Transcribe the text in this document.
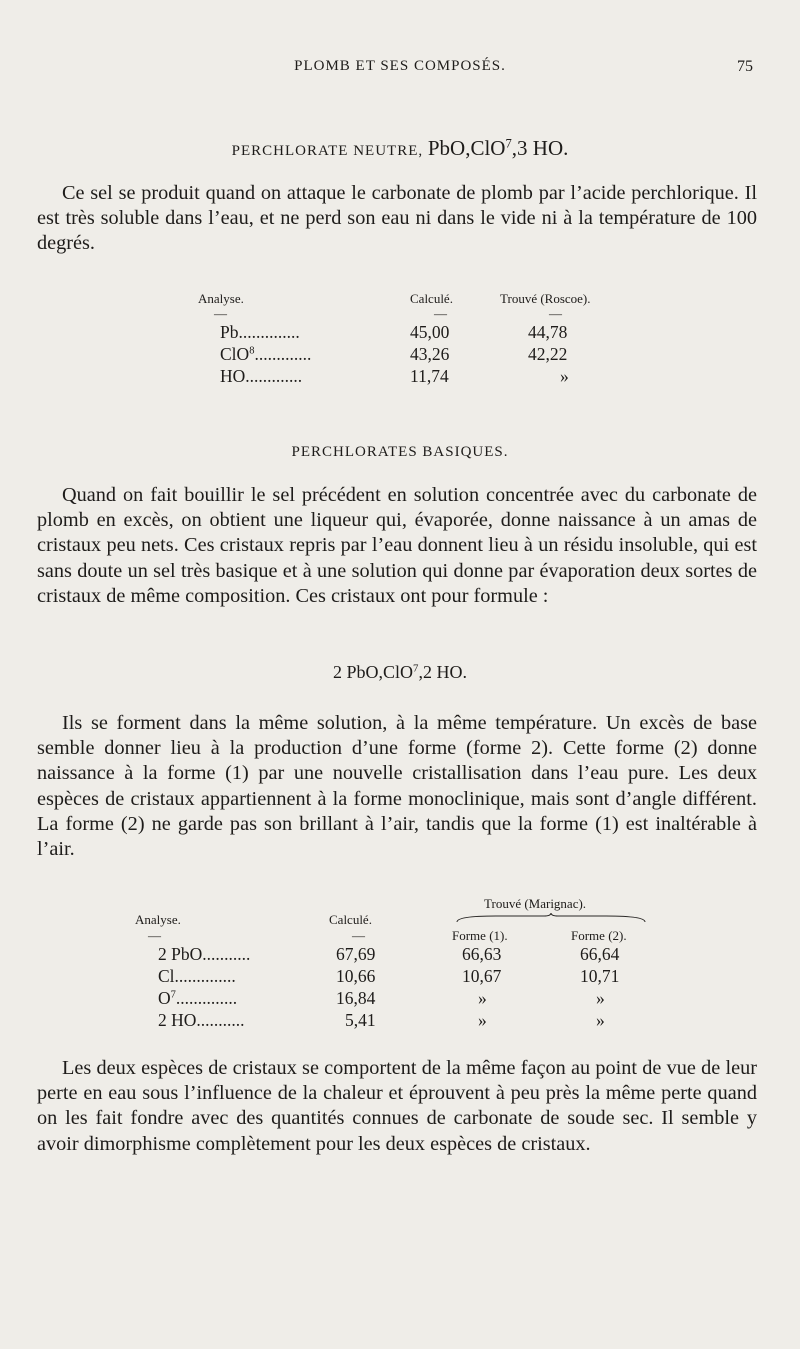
PLOMB ET SES COMPOSÉS.	75
PERCHLORATE NEUTRE, PbO,ClO$^7$,3 HO.

Ce sel se produit quand on attaque le carbonate de plomb par l’acide perchlorique. Il est très soluble dans l’eau, et ne perd son eau ni dans le vide ni à la température de 100 degrés.

Analyse.	Calculé.	Trouvé (Roscoe).
—	—	—
Pb..............	45,00	44,78
ClO$^8$.............	43,26	42,22
HO.............	11,74	»
PERCHLORATES BASIQUES.

Quand on fait bouillir le sel précédent en solution concentrée avec du carbonate de plomb en excès, on obtient une liqueur qui, évaporée, donne naissance à un amas de cristaux peu nets. Ces cristaux repris par l’eau donnent lieu à un résidu insoluble, qui est sans doute un sel très basique et à une solution qui donne par évaporation deux sortes de cristaux de même composition. Ces cristaux ont pour formule :

2 PbO,ClO$^7$,2 HO.

Ils se forment dans la même solution, à la même température. Un excès de base semble donner lieu à la production d’une forme (forme 2). Cette forme (2) donne naissance à la forme (1) par une nouvelle cristallisation dans l’eau pure. Les deux espèces de cristaux appartiennent à la forme monoclinique, mais sont d’angle différent. La forme (2) ne garde pas son brillant à l’air, tandis que la forme (1) est inaltérable à l’air.

Trouvé (Marignac).
Analyse.	Calculé.
—	—	Forme (1).	Forme (2).
2 PbO...........	67,69	66,63	66,64
Cl..............	10,66	10,67	10,71
$O^7$..............	16,84	»	»
2 HO...........	5,41	»	»

Les deux espèces de cristaux se comportent de la même façon au point de vue de leur perte en eau sous l’influence de la chaleur et éprouvent à peu près la même perte quand on les fait fondre avec des quantités connues de carbonate de soude sec. Il semble y avoir dimorphisme complètement pour les deux espèces de cristaux.
